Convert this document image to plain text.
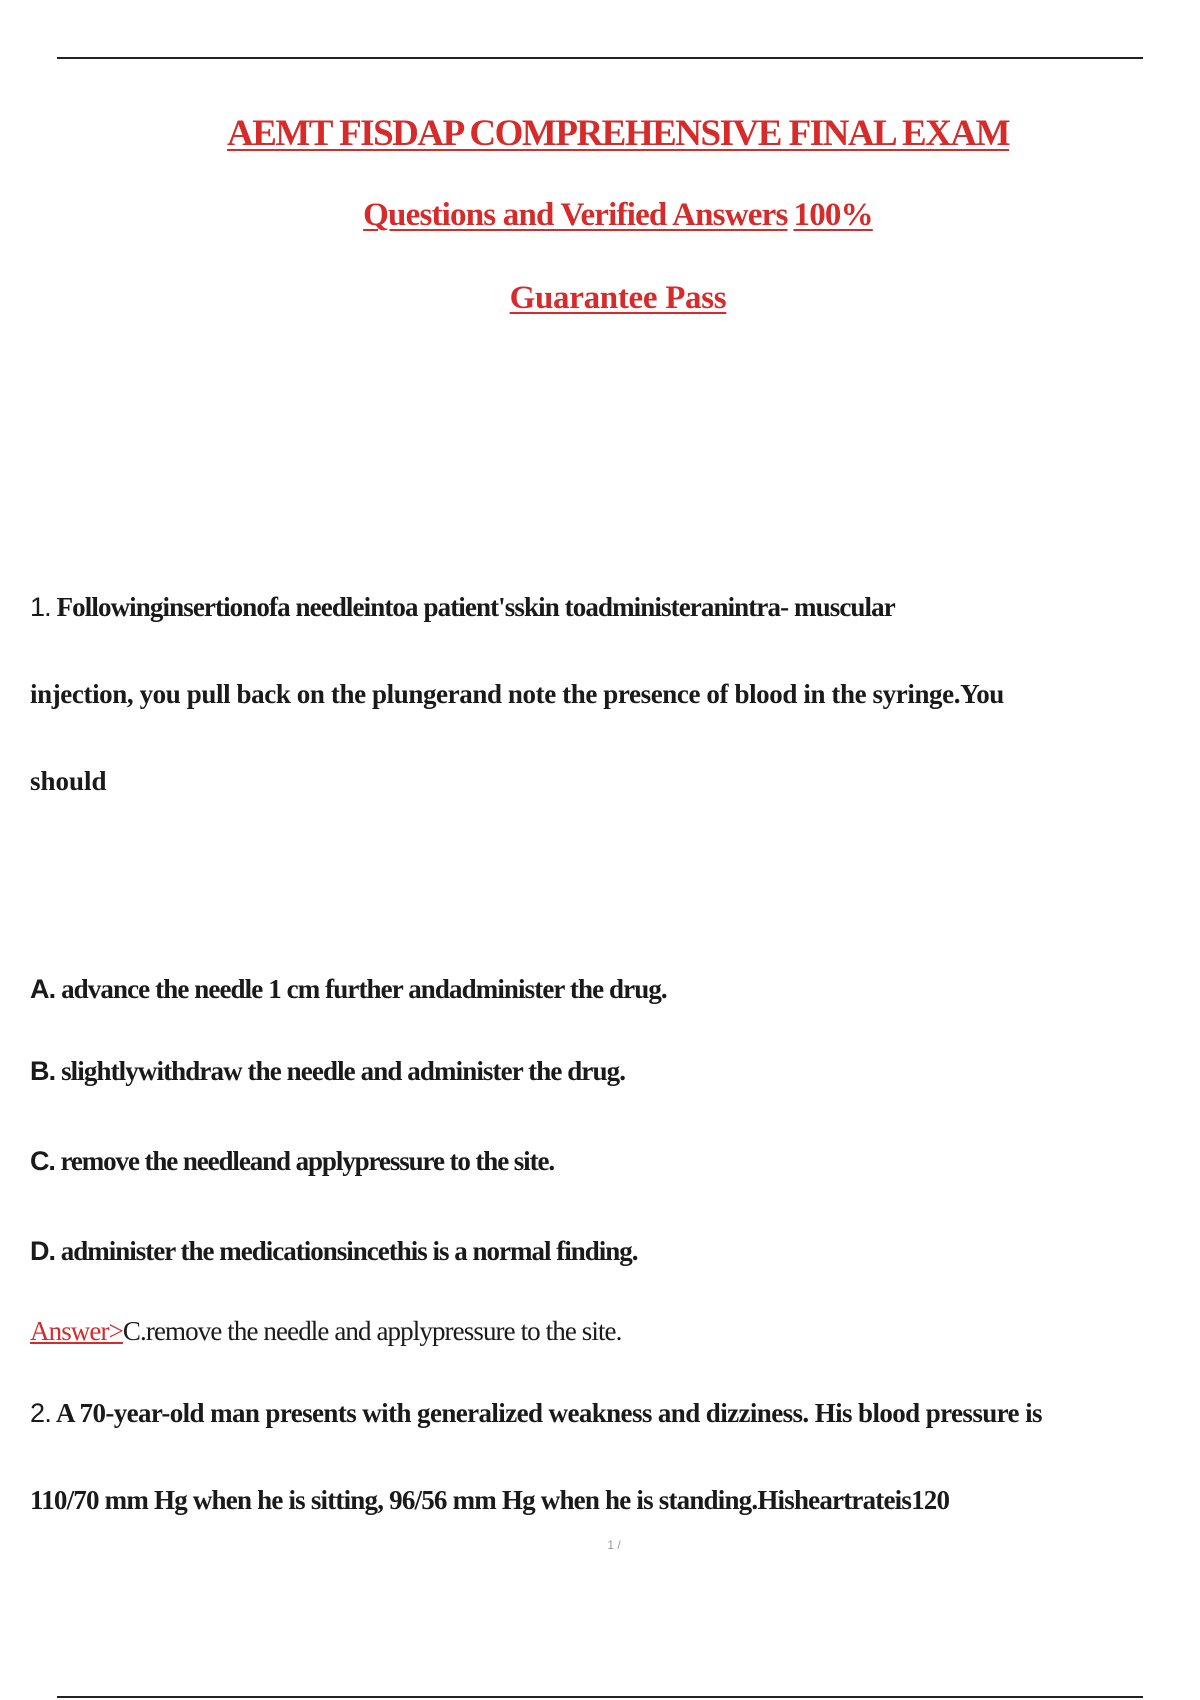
AEMT FISDAP COMPREHENSIVE FINAL EXAM
Questions and Verified Answers 100%
Guarantee Pass
1. Followinginsertionofa needleintoa patient'sskin toadministeranintra- muscular
injection, you pull back on the plungerand note the presence of blood in the syringe.You
should
A. advance the needle 1 cm further andadminister the drug.
B. slightlywithdraw the needle and administer the drug.
C. remove the needleand applypressure to the site.
D. administer the medicationsincethis is a normal finding.
Answer>C.remove the needle and applypressure to the site.
2. A 70-year-old man presents with generalized weakness and dizziness. His blood pressure is
110/70 mm Hg when he is sitting, 96/56 mm Hg when he is standing.Hisheartrateis120
1 /
